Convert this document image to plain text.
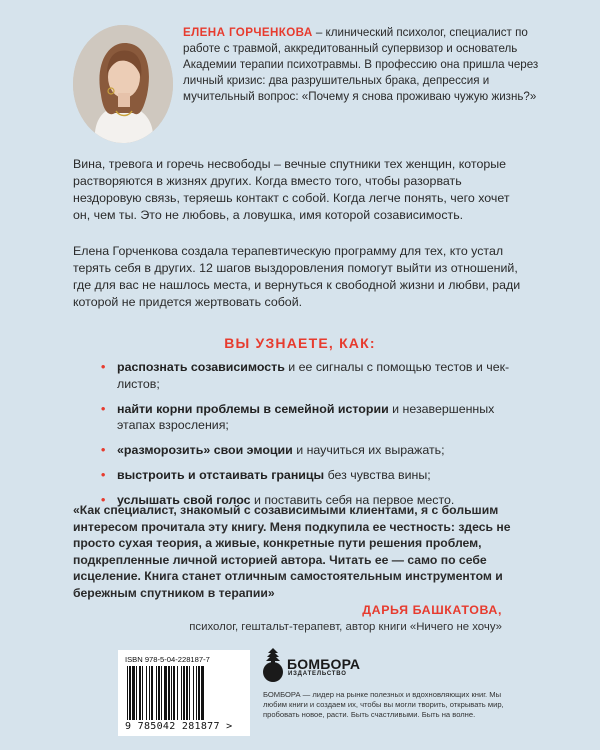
ЕЛЕНА ГОРЧЕНКОВА – клинический психолог, специалист по работе с травмой, аккредитованный супервизор и основатель Академии терапии психотравмы. В профессию она пришла через личный кризис: два разрушительных брака, депрессия и мучительный вопрос: «Почему я снова проживаю чужую жизнь?»

Вина, тревога и горечь несвободы – вечные спутники тех женщин, которые растворяются в жизнях других. Когда вместо того, чтобы разорвать нездоровую связь, теряешь контакт с собой. Когда легче понять, чего хочет он, чем ты. Это не любовь, а ловушка, имя которой созависимость.

Елена Горченкова создала терапевтическую программу для тех, кто устал терять себя в других. 12 шагов выздоровления помогут выйти из отношений, где для вас не нашлось места, и вернуться к свободной жизни и любви, ради которой не придется жертвовать собой.

ВЫ УЗНАЕТЕ, КАК:

• распознать созависимость и ее сигналы с помощью тестов и чек-листов;
• найти корни проблемы в семейной истории и незавершенных этапах взросления;
• «разморозить» свои эмоции и научиться их выражать;
• выстроить и отстаивать границы без чувства вины;
• услышать свой голос и поставить себя на первое место.

«Как специалист, знакомый с созависимыми клиентами, я с большим интересом прочитала эту книгу. Меня подкупила ее честность: здесь не просто сухая теория, а живые, конкретные пути решения проблем, подкрепленные личной историей автора. Читать ее — само по себе исцеление. Книга станет отличным самостоятельным инструментом и бережным спутником в терапии»

ДАРЬЯ БАШКАТОВА,

психолог, гештальт-терапевт, автор книги «Ничего не хочу»

ISBN 978-5-04-228187-7
9 785042 281877 >

БОМБОРА

ИЗДАТЕЛЬСТВО

БОМБОРА — лидер на рынке полезных и вдохновляющих книг. Мы любим книги и создаем их, чтобы вы могли творить, открывать мир, пробовать новое, расти. Быть счастливыми. Быть на волне.
